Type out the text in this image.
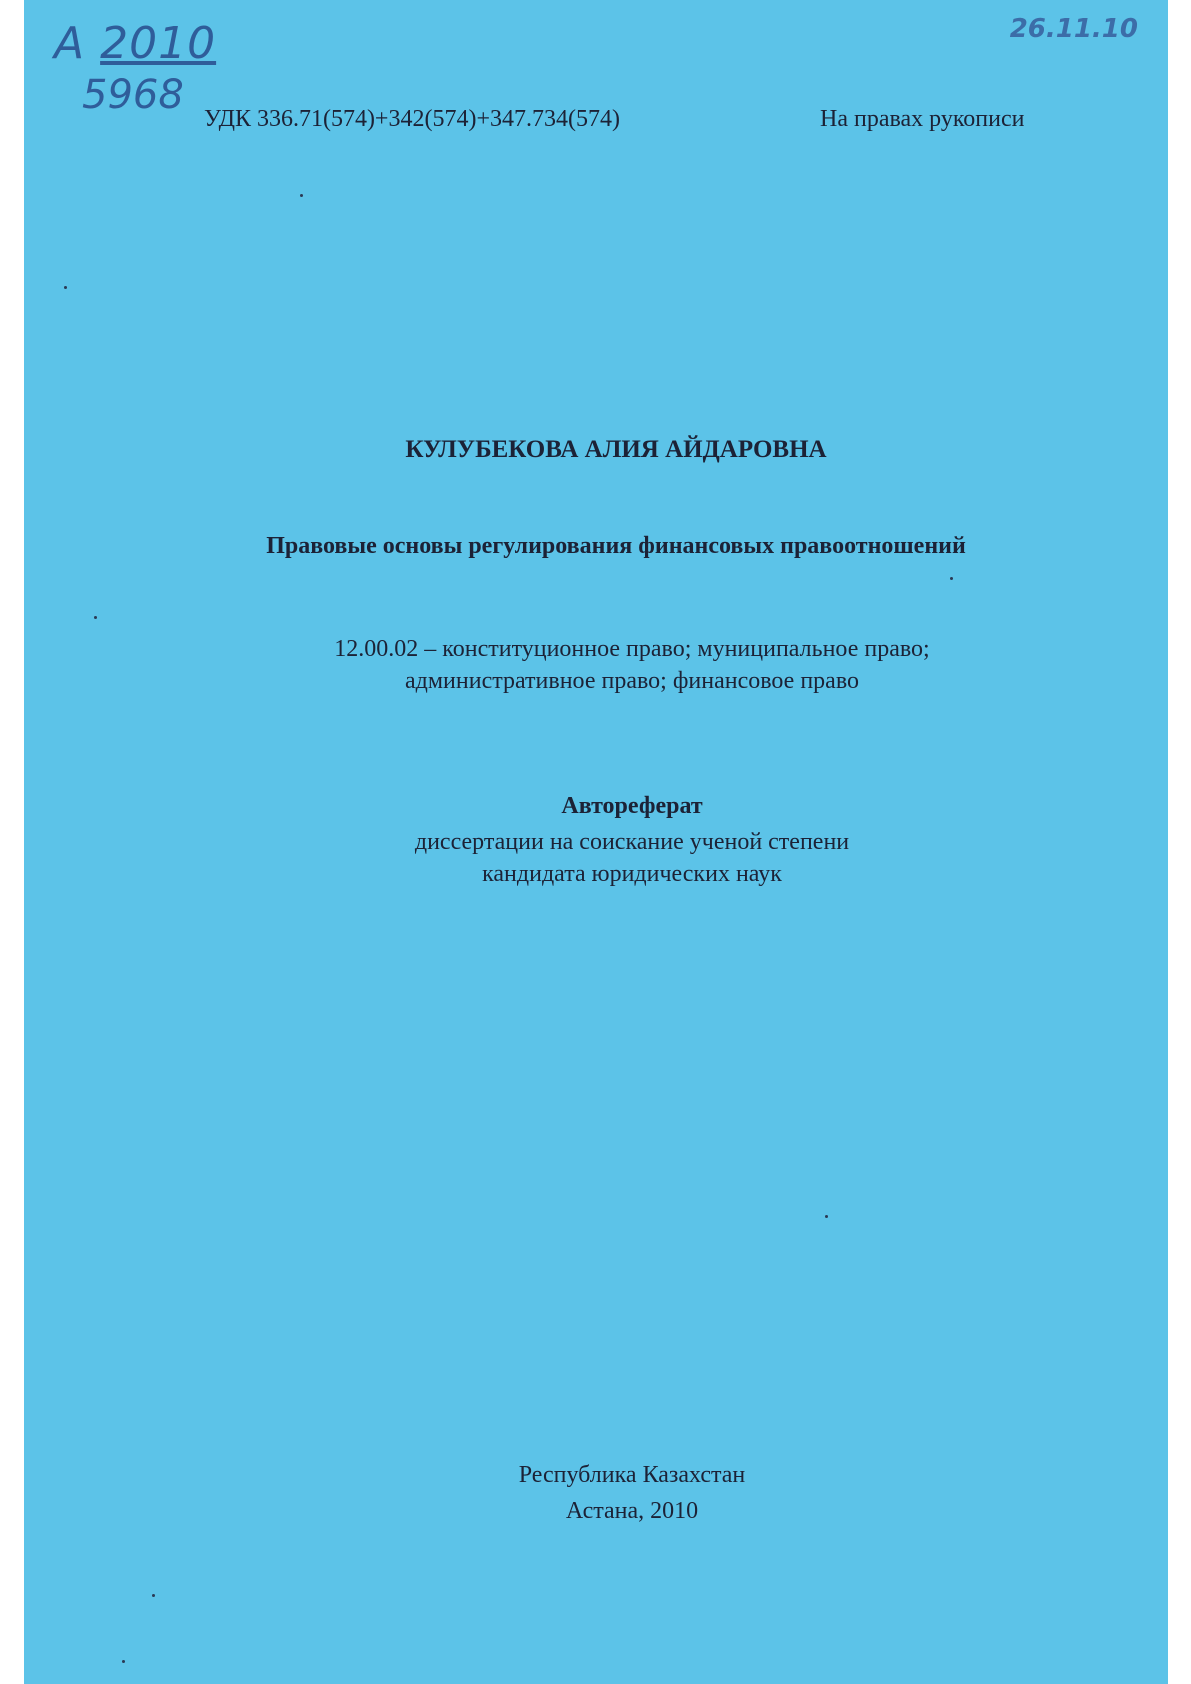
А 2010
5968
26.11.10
УДК 336.71(574)+342(574)+347.734(574)	На правах рукописи
КУЛУБЕКОВА АЛИЯ АЙДАРОВНА
Правовые основы регулирования финансовых правоотношений
12.00.02 – конституционное право; муниципальное право;
административное право; финансовое право
Автореферат
диссертации на соискание ученой степени
кандидата юридических наук
Республика Казахстан
Астана, 2010
